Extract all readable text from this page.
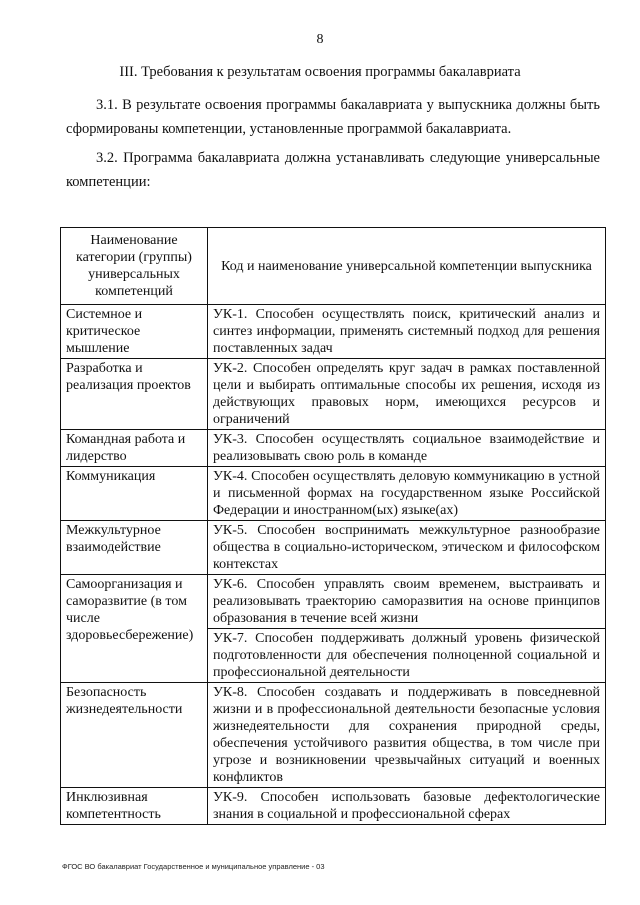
8
III. Требования к результатам освоения программы бакалавриата
3.1. В результате освоения программы бакалавриата у выпускника должны быть сформированы компетенции, установленные программой бакалавриата.
3.2. Программа бакалавриата должна устанавливать следующие универсальные компетенции:
Наименование категории (группы) универсальных компетенций	Код и наименование универсальной компетенции выпускника
Системное и критическое мышление	УК-1. Способен осуществлять поиск, критический анализ и синтез информации, применять системный подход для решения поставленных задач
Разработка и реализация проектов	УК-2. Способен определять круг задач в рамках поставленной цели и выбирать оптимальные способы их решения, исходя из действующих правовых норм, имеющихся ресурсов и ограничений
Командная работа и лидерство	УК-3. Способен осуществлять социальное взаимодействие и реализовывать свою роль в команде
Коммуникация	УК-4. Способен осуществлять деловую коммуникацию в устной и письменной формах на государственном языке Российской Федерации и иностранном(ых) языке(ах)
Межкультурное взаимодействие	УК-5. Способен воспринимать межкультурное разнообразие общества в социально-историческом, этическом и философском контекстах
Самоорганизация и саморазвитие (в том числе здоровьесбережение)	УК-6. Способен управлять своим временем, выстраивать и реализовывать траекторию саморазвития на основе принципов образования в течение всей жизни
	УК-7. Способен поддерживать должный уровень физической подготовленности для обеспечения полноценной социальной и профессиональной деятельности
Безопасность жизнедеятельности	УК-8. Способен создавать и поддерживать в повседневной жизни и в профессиональной деятельности безопасные условия жизнедеятельности для сохранения природной среды, обеспечения устойчивого развития общества, в том числе при угрозе и возникновении чрезвычайных ситуаций и военных конфликтов
Инклюзивная компетентность	УК-9. Способен использовать базовые дефектологические знания в социальной и профессиональной сферах
ФГОС ВО бакалавриат Государственное и муниципальное управление - 03
